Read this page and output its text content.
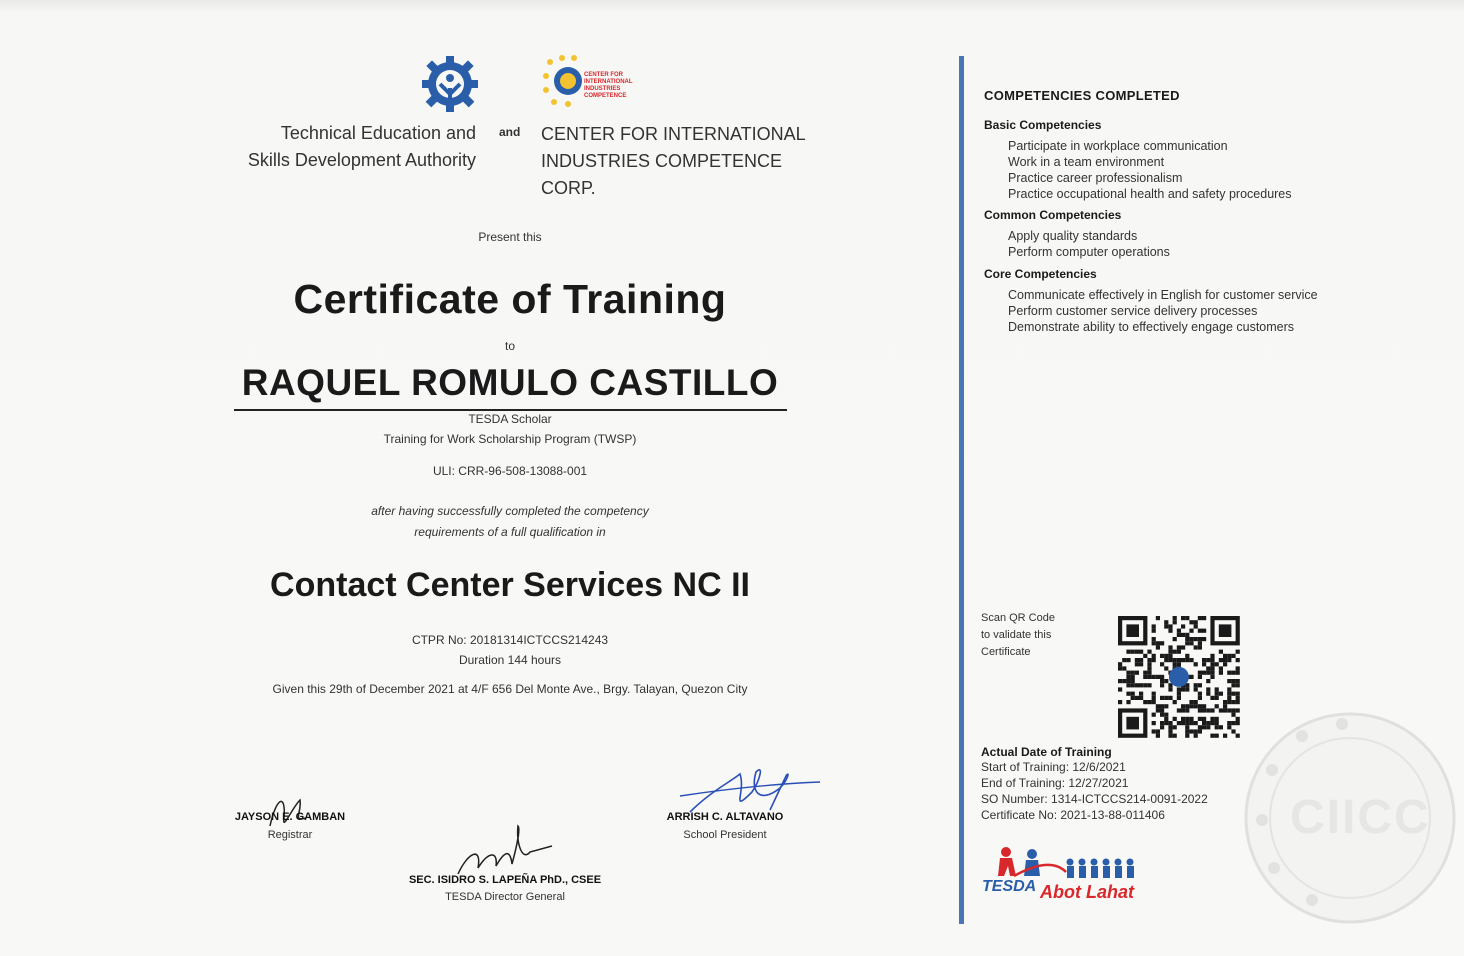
CENTER FOR
INTERNATIONAL
INDUSTRIES
COMPETENCE
Technical Education and
Skills Development Authority
and CENTER FOR INTERNATIONAL
INDUSTRIES COMPETENCE
CORP.
Present this
Certificate of Training
to
RAQUEL ROMULO CASTILLO
TESDA Scholar
Training for Work Scholarship Program (TWSP)
ULI: CRR-96-508-13088-001
after having successfully completed the competency
requirements of a full qualification in
Contact Center Services NC II
CTPR No: 20181314ICTCCS214243
Duration 144 hours
Given this 29th of December 2021 at 4/F 656 Del Monte Ave., Brgy. Talayan, Quezon City
JAYSON E. GAMBAN
Registrar
ARRISH C. ALTAVANO
School President
SEC. ISIDRO S. LAPEÑA PhD., CSEE
TESDA Director General
COMPETENCIES COMPLETED
Basic Competencies
Participate in workplace communication
Work in a team environment
Practice career professionalism
Practice occupational health and safety procedures
Common Competencies
Apply quality standards
Perform computer operations
Core Competencies
Communicate effectively in English for customer service
Perform customer service delivery processes
Demonstrate ability to effectively engage customers
Scan QR Code
to validate this
Certificate
Actual Date of Training
Start of Training: 12/6/2021
End of Training: 12/27/2021
SO Number: 1314-ICTCCS214-0091-2022
Certificate No: 2021-13-88-011406
TESDA Abot Lahat
CIICC
